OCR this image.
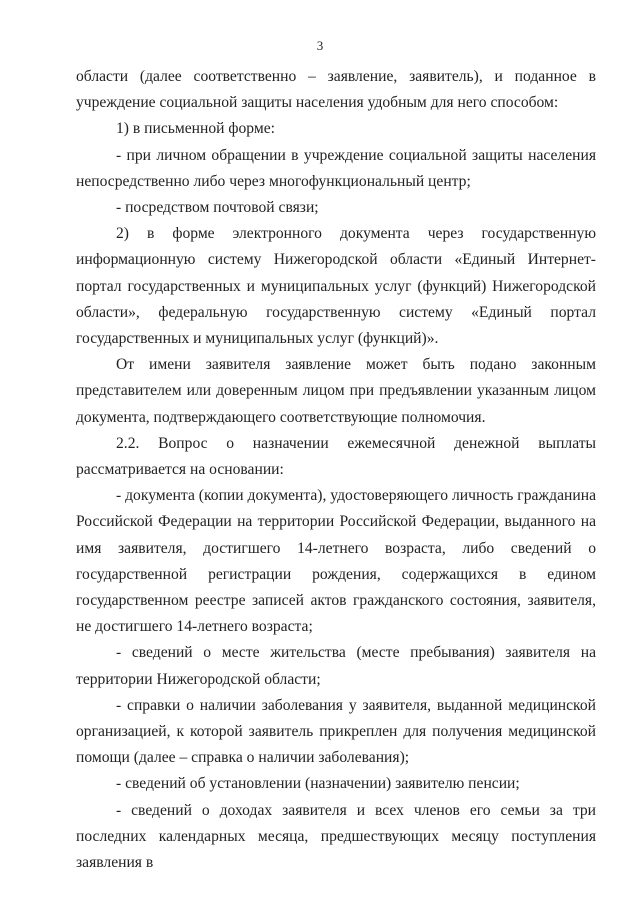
3

области (далее соответственно – заявление, заявитель), и поданное в учреждение социальной защиты населения удобным для него способом:

1) в письменной форме:

- при личном обращении в учреждение социальной защиты населения непосредственно либо через многофункциональный центр;

- посредством почтовой связи;

2) в форме электронного документа через государственную информационную систему Нижегородской области «Единый Интернет-портал государственных и муниципальных услуг (функций) Нижегородской области», федеральную государственную систему «Единый портал государственных и муниципальных услуг (функций)».

От имени заявителя заявление может быть подано законным представителем или доверенным лицом при предъявлении указанным лицом документа, подтверждающего соответствующие полномочия.

2.2. Вопрос о назначении ежемесячной денежной выплаты рассматривается на основании:

- документа (копии документа), удостоверяющего личность гражданина Российской Федерации на территории Российской Федерации, выданного на имя заявителя, достигшего 14-летнего возраста, либо сведений о государственной регистрации рождения, содержащихся в едином государственном реестре записей актов гражданского состояния, заявителя, не достигшего 14-летнего возраста;

- сведений о месте жительства (месте пребывания) заявителя на территории Нижегородской области;

- справки о наличии заболевания у заявителя, выданной медицинской организацией, к которой заявитель прикреплен для получения медицинской помощи (далее – справка о наличии заболевания);

- сведений об установлении (назначении) заявителю пенсии;

- сведений о доходах заявителя и всех членов его семьи за три последних календарных месяца, предшествующих месяцу поступления заявления в
